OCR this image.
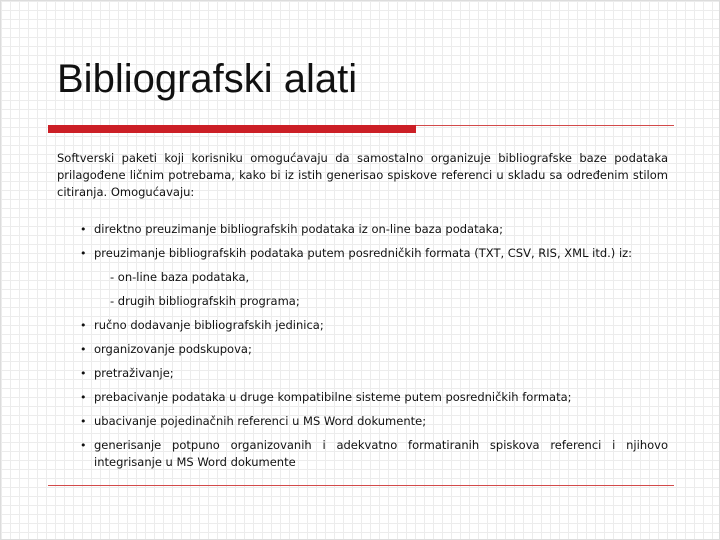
Bibliografski alati

Softverski paketi koji korisniku omogućavaju da samostalno organizuje bibliografske baze podataka prilagođene ličnim potrebama, kako bi iz istih generisao spiskove referenci u skladu sa određenim stilom citiranja. Omogućavaju:

• direktno preuzimanje bibliografskih podataka iz on-line baza podataka;
• preuzimanje bibliografskih podataka putem posredničkih formata (TXT, CSV, RIS, XML itd.) iz:
- on-line baza podataka,
- drugih bibliografskih programa;
• ručno dodavanje bibliografskih jedinica;
• organizovanje podskupova;
• pretraživanje;
• prebacivanje podataka u druge kompatibilne sisteme putem posredničkih formata;
• ubacivanje pojedinačnih referenci u MS Word dokumente;
• generisanje potpuno organizovanih i adekvatno formatiranih spiskova referenci i njihovo integrisanje u MS Word dokumente
